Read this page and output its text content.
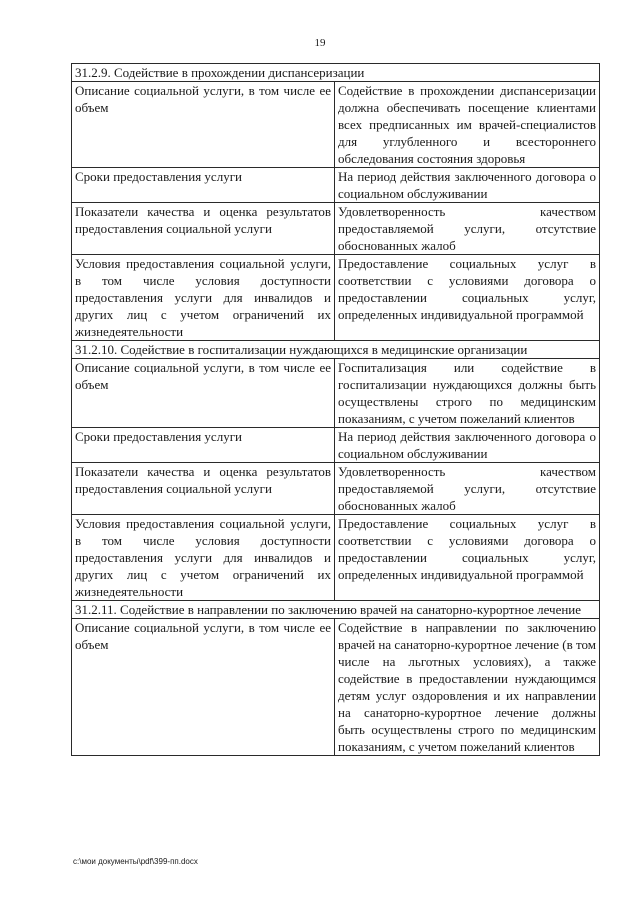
19
31.2.9. Содействие в прохождении диспансеризации	
Описание социальной услуги, в том числе ее объем	Содействие в прохождении диспансеризации должна обеспечивать посещение клиентами всех предписанных им врачей-специалистов для углубленного и всестороннего обследования состояния здоровья
Сроки предоставления услуги	На период действия заключенного договора о социальном обслуживании
Показатели качества и оценка результатов предоставления социальной услуги	Удовлетворенность качеством предоставляемой услуги, отсутствие обоснованных жалоб
Условия предоставления социальной услуги, в том числе условия доступности предоставления услуги для инвалидов и других лиц с учетом ограничений их жизнедеятельности	Предоставление социальных услуг в соответствии с условиями договора о предоставлении социальных услуг, определенных индивидуальной программой
31.2.10. Содействие в госпитализации нуждающихся в медицинские организации	
Описание социальной услуги, в том числе ее объем	Госпитализация или содействие в госпитализации нуждающихся должны быть осуществлены строго по медицинским показаниям, с учетом пожеланий клиентов
Сроки предоставления услуги	На период действия заключенного договора о социальном обслуживании
Показатели качества и оценка результатов предоставления социальной услуги	Удовлетворенность качеством предоставляемой услуги, отсутствие обоснованных жалоб
Условия предоставления социальной услуги, в том числе условия доступности предоставления услуги для инвалидов и других лиц с учетом ограничений их жизнедеятельности	Предоставление социальных услуг в соответствии с условиями договора о предоставлении социальных услуг, определенных индивидуальной программой
31.2.11. Содействие в направлении по заключению врачей на санаторно-курортное лечение	
Описание социальной услуги, в том числе ее объем	Содействие в направлении по заключению врачей на санаторно-курортное лечение (в том числе на льготных условиях), а также содействие в предоставлении нуждающимся детям услуг оздоровления и их направлении на санаторно-курортное лечение должны быть осуществлены строго по медицинским показаниям, с учетом пожеланий клиентов
c:\мои документы\pdf\399-пп.docx
